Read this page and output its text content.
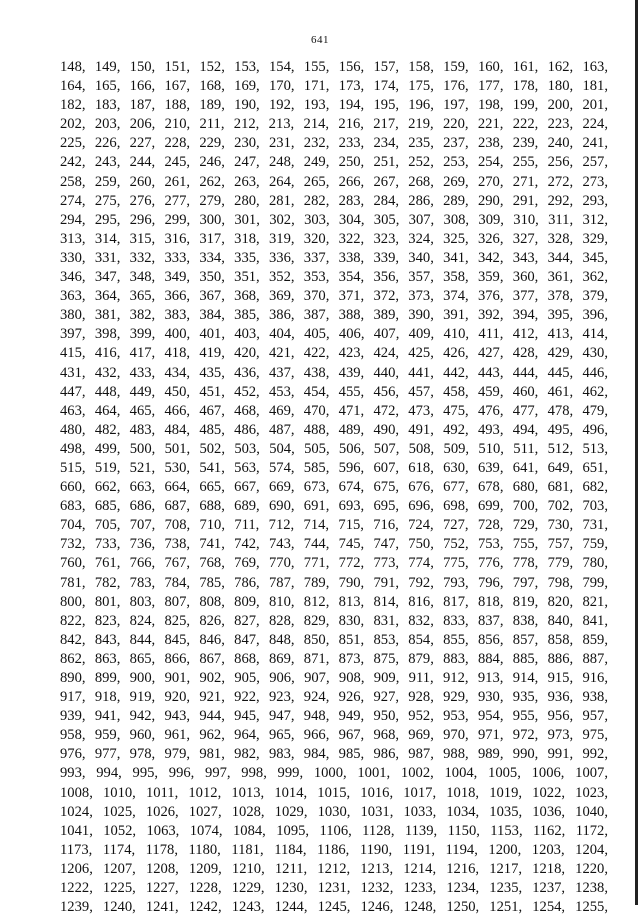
641
148, 149, 150, 151, 152, 153, 154, 155, 156, 157, 158, 159, 160, 161, 162, 163,
164, 165, 166, 167, 168, 169, 170, 171, 173, 174, 175, 176, 177, 178, 180, 181,
182, 183, 187, 188, 189, 190, 192, 193, 194, 195, 196, 197, 198, 199, 200, 201,
202, 203, 206, 210, 211, 212, 213, 214, 216, 217, 219, 220, 221, 222, 223, 224,
225, 226, 227, 228, 229, 230, 231, 232, 233, 234, 235, 237, 238, 239, 240, 241,
242, 243, 244, 245, 246, 247, 248, 249, 250, 251, 252, 253, 254, 255, 256, 257,
258, 259, 260, 261, 262, 263, 264, 265, 266, 267, 268, 269, 270, 271, 272, 273,
274, 275, 276, 277, 279, 280, 281, 282, 283, 284, 286, 289, 290, 291, 292, 293,
294, 295, 296, 299, 300, 301, 302, 303, 304, 305, 307, 308, 309, 310, 311, 312,
313, 314, 315, 316, 317, 318, 319, 320, 322, 323, 324, 325, 326, 327, 328, 329,
330, 331, 332, 333, 334, 335, 336, 337, 338, 339, 340, 341, 342, 343, 344, 345,
346, 347, 348, 349, 350, 351, 352, 353, 354, 356, 357, 358, 359, 360, 361, 362,
363, 364, 365, 366, 367, 368, 369, 370, 371, 372, 373, 374, 376, 377, 378, 379,
380, 381, 382, 383, 384, 385, 386, 387, 388, 389, 390, 391, 392, 394, 395, 396,
397, 398, 399, 400, 401, 403, 404, 405, 406, 407, 409, 410, 411, 412, 413, 414,
415, 416, 417, 418, 419, 420, 421, 422, 423, 424, 425, 426, 427, 428, 429, 430,
431, 432, 433, 434, 435, 436, 437, 438, 439, 440, 441, 442, 443, 444, 445, 446,
447, 448, 449, 450, 451, 452, 453, 454, 455, 456, 457, 458, 459, 460, 461, 462,
463, 464, 465, 466, 467, 468, 469, 470, 471, 472, 473, 475, 476, 477, 478, 479,
480, 482, 483, 484, 485, 486, 487, 488, 489, 490, 491, 492, 493, 494, 495, 496,
498, 499, 500, 501, 502, 503, 504, 505, 506, 507, 508, 509, 510, 511, 512, 513,
515, 519, 521, 530, 541, 563, 574, 585, 596, 607, 618, 630, 639, 641, 649, 651,
660, 662, 663, 664, 665, 667, 669, 673, 674, 675, 676, 677, 678, 680, 681, 682,
683, 685, 686, 687, 688, 689, 690, 691, 693, 695, 696, 698, 699, 700, 702, 703,
704, 705, 707, 708, 710, 711, 712, 714, 715, 716, 724, 727, 728, 729, 730, 731,
732, 733, 736, 738, 741, 742, 743, 744, 745, 747, 750, 752, 753, 755, 757, 759,
760, 761, 766, 767, 768, 769, 770, 771, 772, 773, 774, 775, 776, 778, 779, 780,
781, 782, 783, 784, 785, 786, 787, 789, 790, 791, 792, 793, 796, 797, 798, 799,
800, 801, 803, 807, 808, 809, 810, 812, 813, 814, 816, 817, 818, 819, 820, 821,
822, 823, 824, 825, 826, 827, 828, 829, 830, 831, 832, 833, 837, 838, 840, 841,
842, 843, 844, 845, 846, 847, 848, 850, 851, 853, 854, 855, 856, 857, 858, 859,
862, 863, 865, 866, 867, 868, 869, 871, 873, 875, 879, 883, 884, 885, 886, 887,
890, 899, 900, 901, 902, 905, 906, 907, 908, 909, 911, 912, 913, 914, 915, 916,
917, 918, 919, 920, 921, 922, 923, 924, 926, 927, 928, 929, 930, 935, 936, 938,
939, 941, 942, 943, 944, 945, 947, 948, 949, 950, 952, 953, 954, 955, 956, 957,
958, 959, 960, 961, 962, 964, 965, 966, 967, 968, 969, 970, 971, 972, 973, 975,
976, 977, 978, 979, 981, 982, 983, 984, 985, 986, 987, 988, 989, 990, 991, 992,
993, 994, 995, 996, 997, 998, 999, 1000, 1001, 1002, 1004, 1005, 1006, 1007,
1008, 1010, 1011, 1012, 1013, 1014, 1015, 1016, 1017, 1018, 1019, 1022, 1023,
1024, 1025, 1026, 1027, 1028, 1029, 1030, 1031, 1033, 1034, 1035, 1036, 1040,
1041, 1052, 1063, 1074, 1084, 1095, 1106, 1128, 1139, 1150, 1153, 1162, 1172,
1173, 1174, 1178, 1180, 1181, 1184, 1186, 1190, 1191, 1194, 1200, 1203, 1204,
1206, 1207, 1208, 1209, 1210, 1211, 1212, 1213, 1214, 1216, 1217, 1218, 1220,
1222, 1225, 1227, 1228, 1229, 1230, 1231, 1232, 1233, 1234, 1235, 1237, 1238,
1239, 1240, 1241, 1242, 1243, 1244, 1245, 1246, 1248, 1250, 1251, 1254, 1255,
